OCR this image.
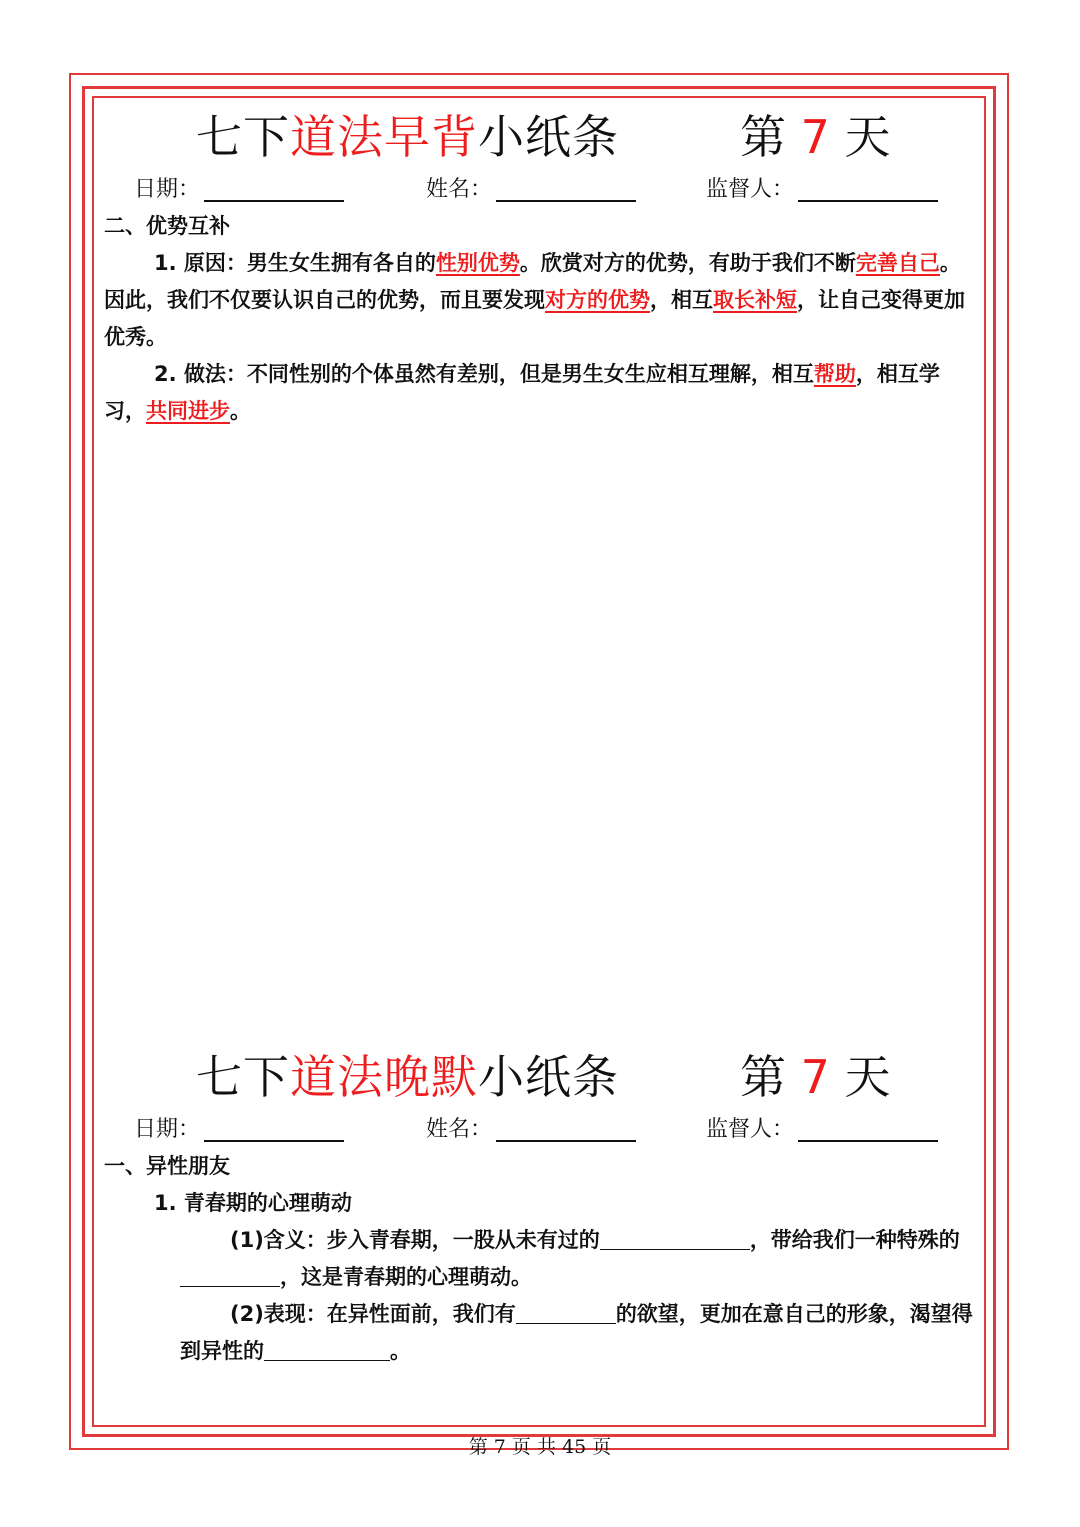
七下道法早背小纸条	第 7 天
日期：	姓名：	监督人：

二、优势互补

1. 原因：男生女生拥有各自的性别优势。欣赏对方的优势，有助于我们不断完善自己。因此，我们不仅要认识自己的优势，而且要发现对方的优势，相互取长补短，让自己变得更加优秀。

2. 做法：不同性别的个体虽然有差别，但是男生女生应相互理解，相互帮助，相互学习，共同进步。

七下道法晚默小纸条	第 7 天
日期：	姓名：	监督人：

一、异性朋友

1. 青春期的心理萌动

(1)含义：步入青春期，一股从未有过的	，带给我们一种特殊的，这是青春期的心理萌动。

(2)表现：在异性面前，我们有	的欲望，更加在意自己的形象，渴望得到异性的	。

第 7 页 共 45 页
